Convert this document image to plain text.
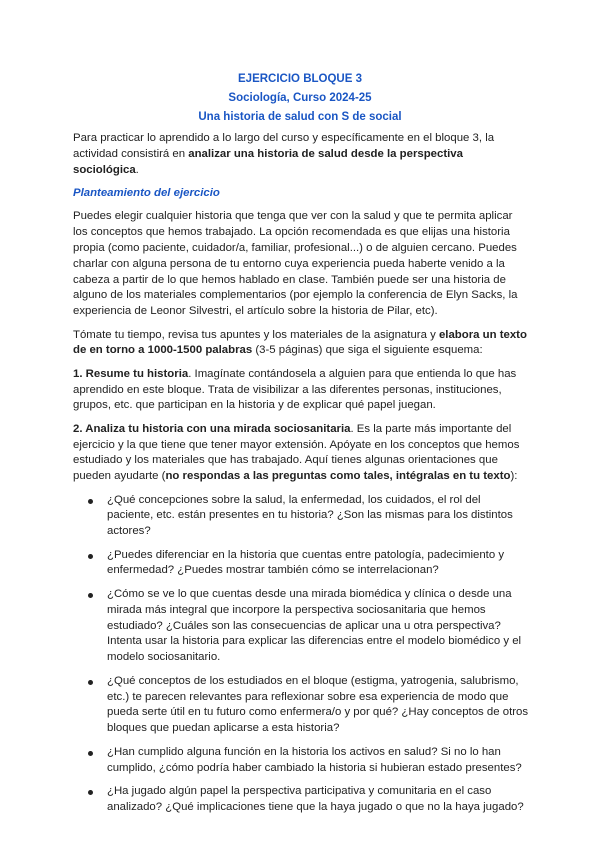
EJERCICIO BLOQUE 3
Sociología, Curso 2024-25
Una historia de salud con S de social

Para practicar lo aprendido a lo largo del curso y específicamente en el bloque 3, la actividad consistirá en analizar una historia de salud desde la perspectiva sociológica.

Planteamiento del ejercicio

Puedes elegir cualquier historia que tenga que ver con la salud y que te permita aplicar los conceptos que hemos trabajado. La opción recomendada es que elijas una historia propia (como paciente, cuidador/a, familiar, profesional...) o de alguien cercano. Puedes charlar con alguna persona de tu entorno cuya experiencia pueda haberte venido a la cabeza a partir de lo que hemos hablado en clase. También puede ser una historia de alguno de los materiales complementarios (por ejemplo la conferencia de Elyn Sacks, la experiencia de Leonor Silvestri, el artículo sobre la historia de Pilar, etc).

Tómate tu tiempo, revisa tus apuntes y los materiales de la asignatura y elabora un texto de en torno a 1000-1500 palabras (3-5 páginas) que siga el siguiente esquema:

1. Resume tu historia. Imagínate contándosela a alguien para que entienda lo que has aprendido en este bloque. Trata de visibilizar a las diferentes personas, instituciones, grupos, etc. que participan en la historia y de explicar qué papel juegan.

2. Analiza tu historia con una mirada sociosanitaria. Es la parte más importante del ejercicio y la que tiene que tener mayor extensión. Apóyate en los conceptos que hemos estudiado y los materiales que has trabajado. Aquí tienes algunas orientaciones que pueden ayudarte (no respondas a las preguntas como tales, intégralas en tu texto):

¿Qué concepciones sobre la salud, la enfermedad, los cuidados, el rol del paciente, etc. están presentes en tu historia? ¿Son las mismas para los distintos actores?
¿Puedes diferenciar en la historia que cuentas entre patología, padecimiento y enfermedad? ¿Puedes mostrar también cómo se interrelacionan?
¿Cómo se ve lo que cuentas desde una mirada biomédica y clínica o desde una mirada más integral que incorpore la perspectiva sociosanitaria que hemos estudiado? ¿Cuáles son las consecuencias de aplicar una u otra perspectiva? Intenta usar la historia para explicar las diferencias entre el modelo biomédico y el modelo sociosanitario.
¿Qué conceptos de los estudiados en el bloque (estigma, yatrogenia, salubrismo, etc.) te parecen relevantes para reflexionar sobre esa experiencia de modo que pueda serte útil en tu futuro como enfermera/o y por qué? ¿Hay conceptos de otros bloques que puedan aplicarse a esta historia?
¿Han cumplido alguna función en la historia los activos en salud? Si no lo han cumplido, ¿cómo podría haber cambiado la historia si hubieran estado presentes?
¿Ha jugado algún papel la perspectiva participativa y comunitaria en el caso analizado? ¿Qué implicaciones tiene que la haya jugado o que no la haya jugado?
